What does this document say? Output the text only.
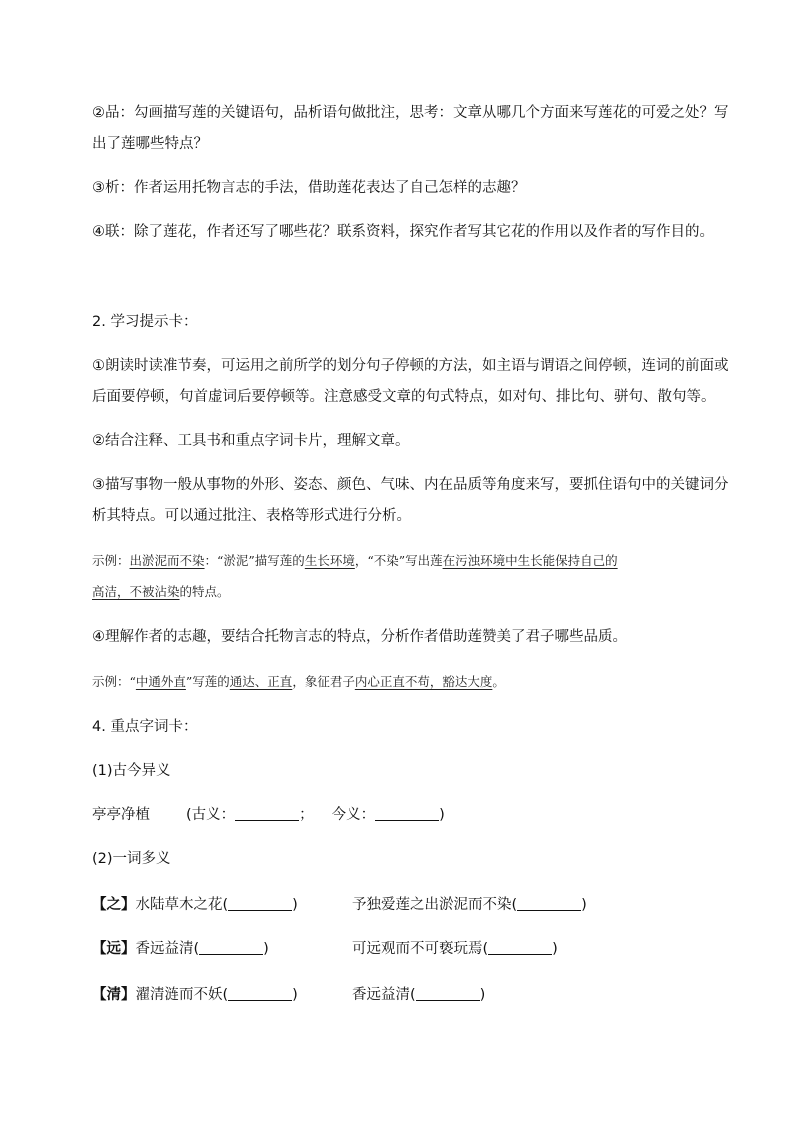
②品：勾画描写莲的关键语句，品析语句做批注，思考：文章从哪几个方面来写莲花的可爱之处？写
出了莲哪些特点？
③析：作者运用托物言志的手法，借助莲花表达了自己怎样的志趣？
④联：除了莲花，作者还写了哪些花？联系资料，探究作者写其它花的作用以及作者的写作目的。
2. 学习提示卡：
①朗读时读准节奏，可运用之前所学的划分句子停顿的方法，如主语与谓语之间停顿，连词的前面或
后面要停顿，句首虚词后要停顿等。注意感受文章的句式特点，如对句、排比句、骈句、散句等。
②结合注释、工具书和重点字词卡片，理解文章。
③描写事物一般从事物的外形、姿态、颜色、气味、内在品质等角度来写，要抓住语句中的关键词分
析其特点。可以通过批注、表格等形式进行分析。
示例：出淤泥而不染：“淤泥”描写莲的生长环境，“不染”写出莲在污浊环境中生长能保持自己的
高洁，不被沾染的特点。
④理解作者的志趣，要结合托物言志的特点，分析作者借助莲赞美了君子哪些品质。
示例：“中通外直”写莲的通达、正直，象征君子内心正直不苟，豁达大度。
4. 重点字词卡：
(1)古今异义
亭亭净植 (古义：	； 今义：	)
(2)一词多义
【之】水陆草木之花(	)	予独爱莲之出淤泥而不染(	)
【远】香远益清(	)	可远观而不可亵玩焉(	)
【清】濯清涟而不妖(	)	香远益清(	)
